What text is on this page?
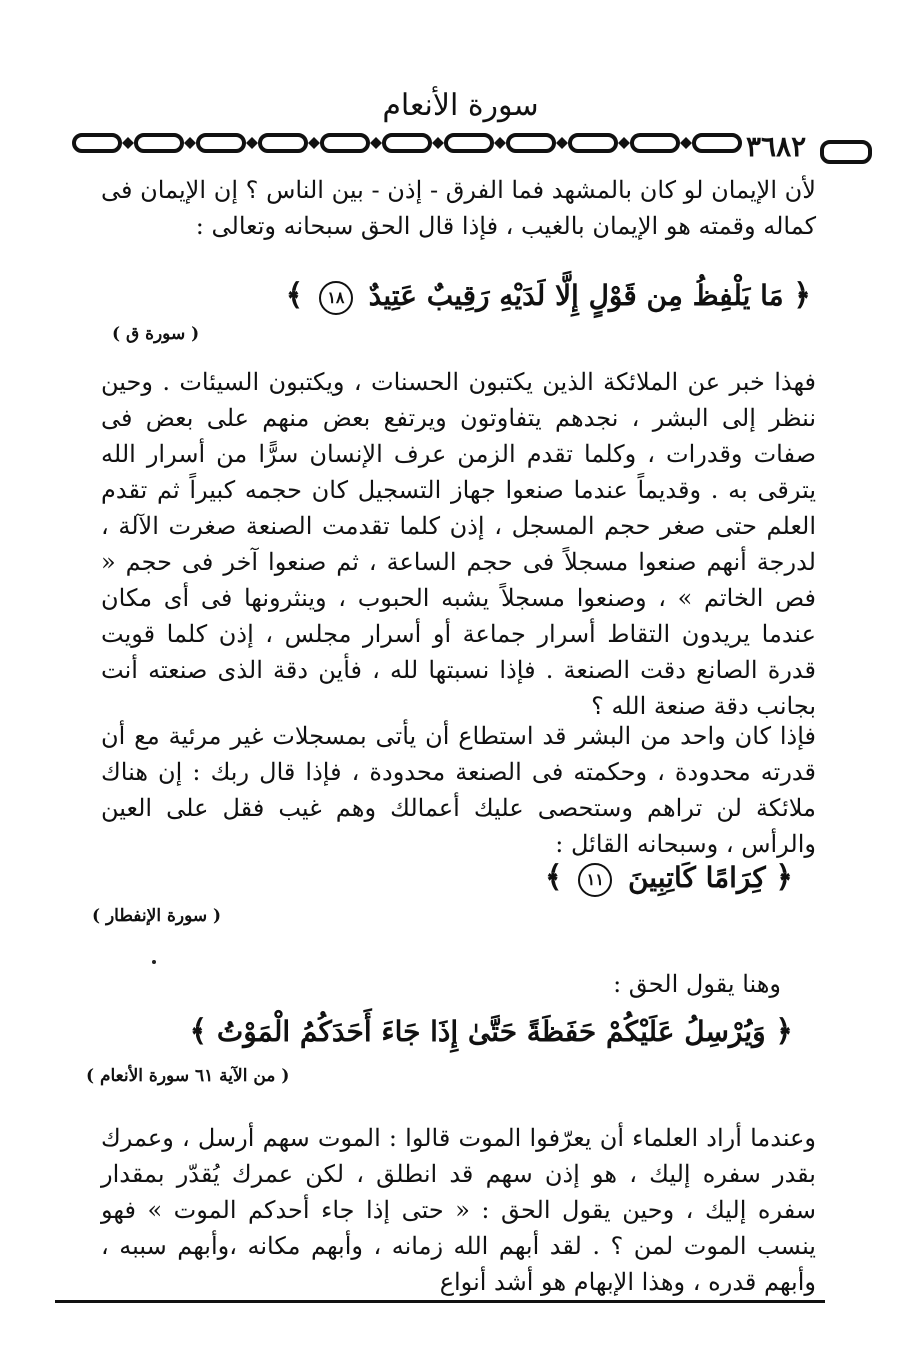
سورة الأنعام
٣٦٨٢

لأن الإيمان لو كان بالمشهد فما الفرق - إذن - بين الناس ؟ إن الإيمان فى كماله وقمته هو الإيمان بالغيب ، فإذا قال الحق سبحانه وتعالى :

﴿ مَا يَلْفِظُ مِن قَوْلٍ إِلَّا لَدَيْهِ رَقِيبٌ عَتِيدٌ ١٨ ﴾
( سورة ق )

فهذا خبر عن الملائكة الذين يكتبون الحسنات ، ويكتبون السيئات . وحين ننظر إلى البشر ، نجدهم يتفاوتون ويرتفع بعض منهم على بعض فى صفات وقدرات ، وكلما تقدم الزمن عرف الإنسان سرًّا من أسرار الله يترقى به . وقديماً عندما صنعوا جهاز التسجيل كان حجمه كبيراً ثم تقدم العلم حتى صغر حجم المسجل ، إذن كلما تقدمت الصنعة صغرت الآلة ، لدرجة أنهم صنعوا مسجلاً فى حجم الساعة ، ثم صنعوا آخر فى حجم « فص الخاتم » ، وصنعوا مسجلاً يشبه الحبوب ، وينثرونها فى أى مكان عندما يريدون التقاط أسرار جماعة أو أسرار مجلس ، إذن كلما قويت قدرة الصانع دقت الصنعة . فإذا نسبتها لله ، فأين دقة الذى صنعته أنت بجانب دقة صنعة الله ؟

فإذا كان واحد من البشر قد استطاع أن يأتى بمسجلات غير مرئية مع أن قدرته محدودة ، وحكمته فى الصنعة محدودة ، فإذا قال ربك : إن هناك ملائكة لن تراهم وستحصى عليك أعمالك وهم غيب فقل على العين والرأس ، وسبحانه القائل :

﴿ كِرَامًا كَاتِبِينَ ١١ ﴾
( سورة الإنفطار )

وهنا يقول الحق :

﴿ وَيُرْسِلُ عَلَيْكُمْ حَفَظَةً حَتَّىٰ إِذَا جَاءَ أَحَدَكُمُ الْمَوْتُ ﴾
( من الآية ٦١ سورة الأنعام )

وعندما أراد العلماء أن يعرّفوا الموت قالوا : الموت سهم أرسل ، وعمرك بقدر سفره إليك ، هو إذن سهم قد انطلق ، لكن عمرك يُقدّر بمقدار سفره إليك ، وحين يقول الحق : « حتى إذا جاء أحدكم الموت » فهو ينسب الموت لمن ؟ . لقد أبهم الله زمانه ، وأبهم مكانه ،وأبهم سببه ، وأبهم قدره ، وهذا الإبهام هو أشد أنواع
